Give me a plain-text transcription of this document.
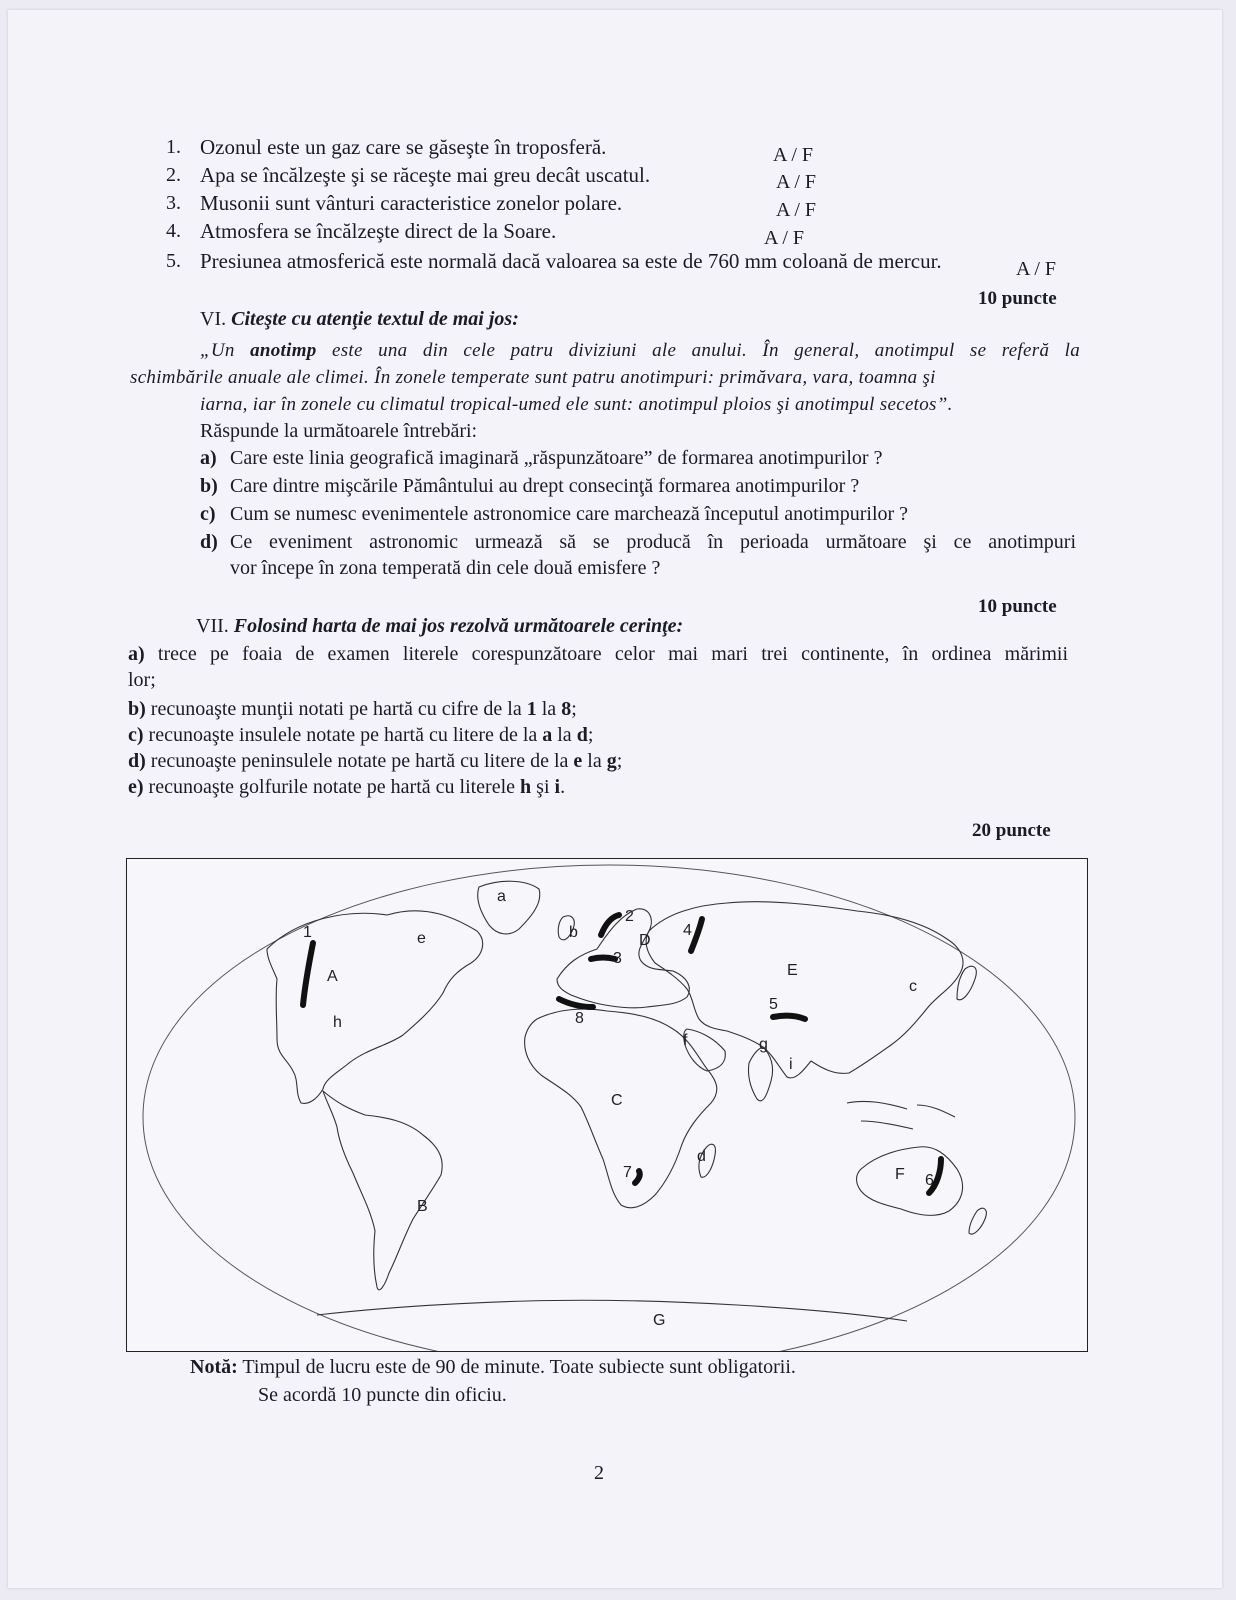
1. Ozonul este un gaz care se găseşte în troposferă.	A / F
2. Apa se încălzeşte şi se răceşte mai greu decât uscatul.	A / F
3. Musonii sunt vânturi caracteristice zonelor polare.	A / F
4. Atmosfera se încălzeşte direct de la Soare.	A / F
5. Presiunea atmosferică este normală dacă valoarea sa este de 760 mm coloană de mercur.	A / F
10 puncte
VI. Citeşte cu atenţie textul de mai jos:
„Un anotimp este una din cele patru diviziuni ale anului. În general, anotimpul se referă la
schimbările anuale ale climei. În zonele temperate sunt patru anotimpuri: primăvara, vara, toamna şi
iarna, iar în zonele cu climatul tropical-umed ele sunt: anotimpul ploios şi anotimpul secetos”.
Răspunde la următoarele întrebări:
a) Care este linia geografică imaginară „răspunzătoare” de formarea anotimpurilor ?
b) Care dintre mişcările Pământului au drept consecinţă formarea anotimpurilor ?
c) Cum se numesc evenimentele astronomice care marchează începutul anotimpurilor ?
d) Ce eveniment astronomic urmează să se producă în perioada următoare şi ce anotimpuri
vor începe în zona temperată din cele două emisfere ?
10 puncte
VII. Folosind harta de mai jos rezolvă următoarele cerinţe:
a) trece pe foaia de examen literele corespunzătoare celor mai mari trei continente, în ordinea mărimii
lor;
b) recunoaşte munţii notati pe hartă cu cifre de la 1 la 8;
c) recunoaşte insulele notate pe hartă cu litere de la a la d;
d) recunoaşte peninsulele notate pe hartă cu litere de la e la g;
e) recunoaşte golfurile notate pe hartă cu literele h şi i.
20 puncte
A
B
C
D
E
F
G
a
b
c
d
e
f	g
h
i
1
2
3
4
5
6
7
8
Notă: Timpul de lucru este de 90 de minute. Toate subiecte sunt obligatorii.
Se acordă 10 puncte din oficiu.
2
